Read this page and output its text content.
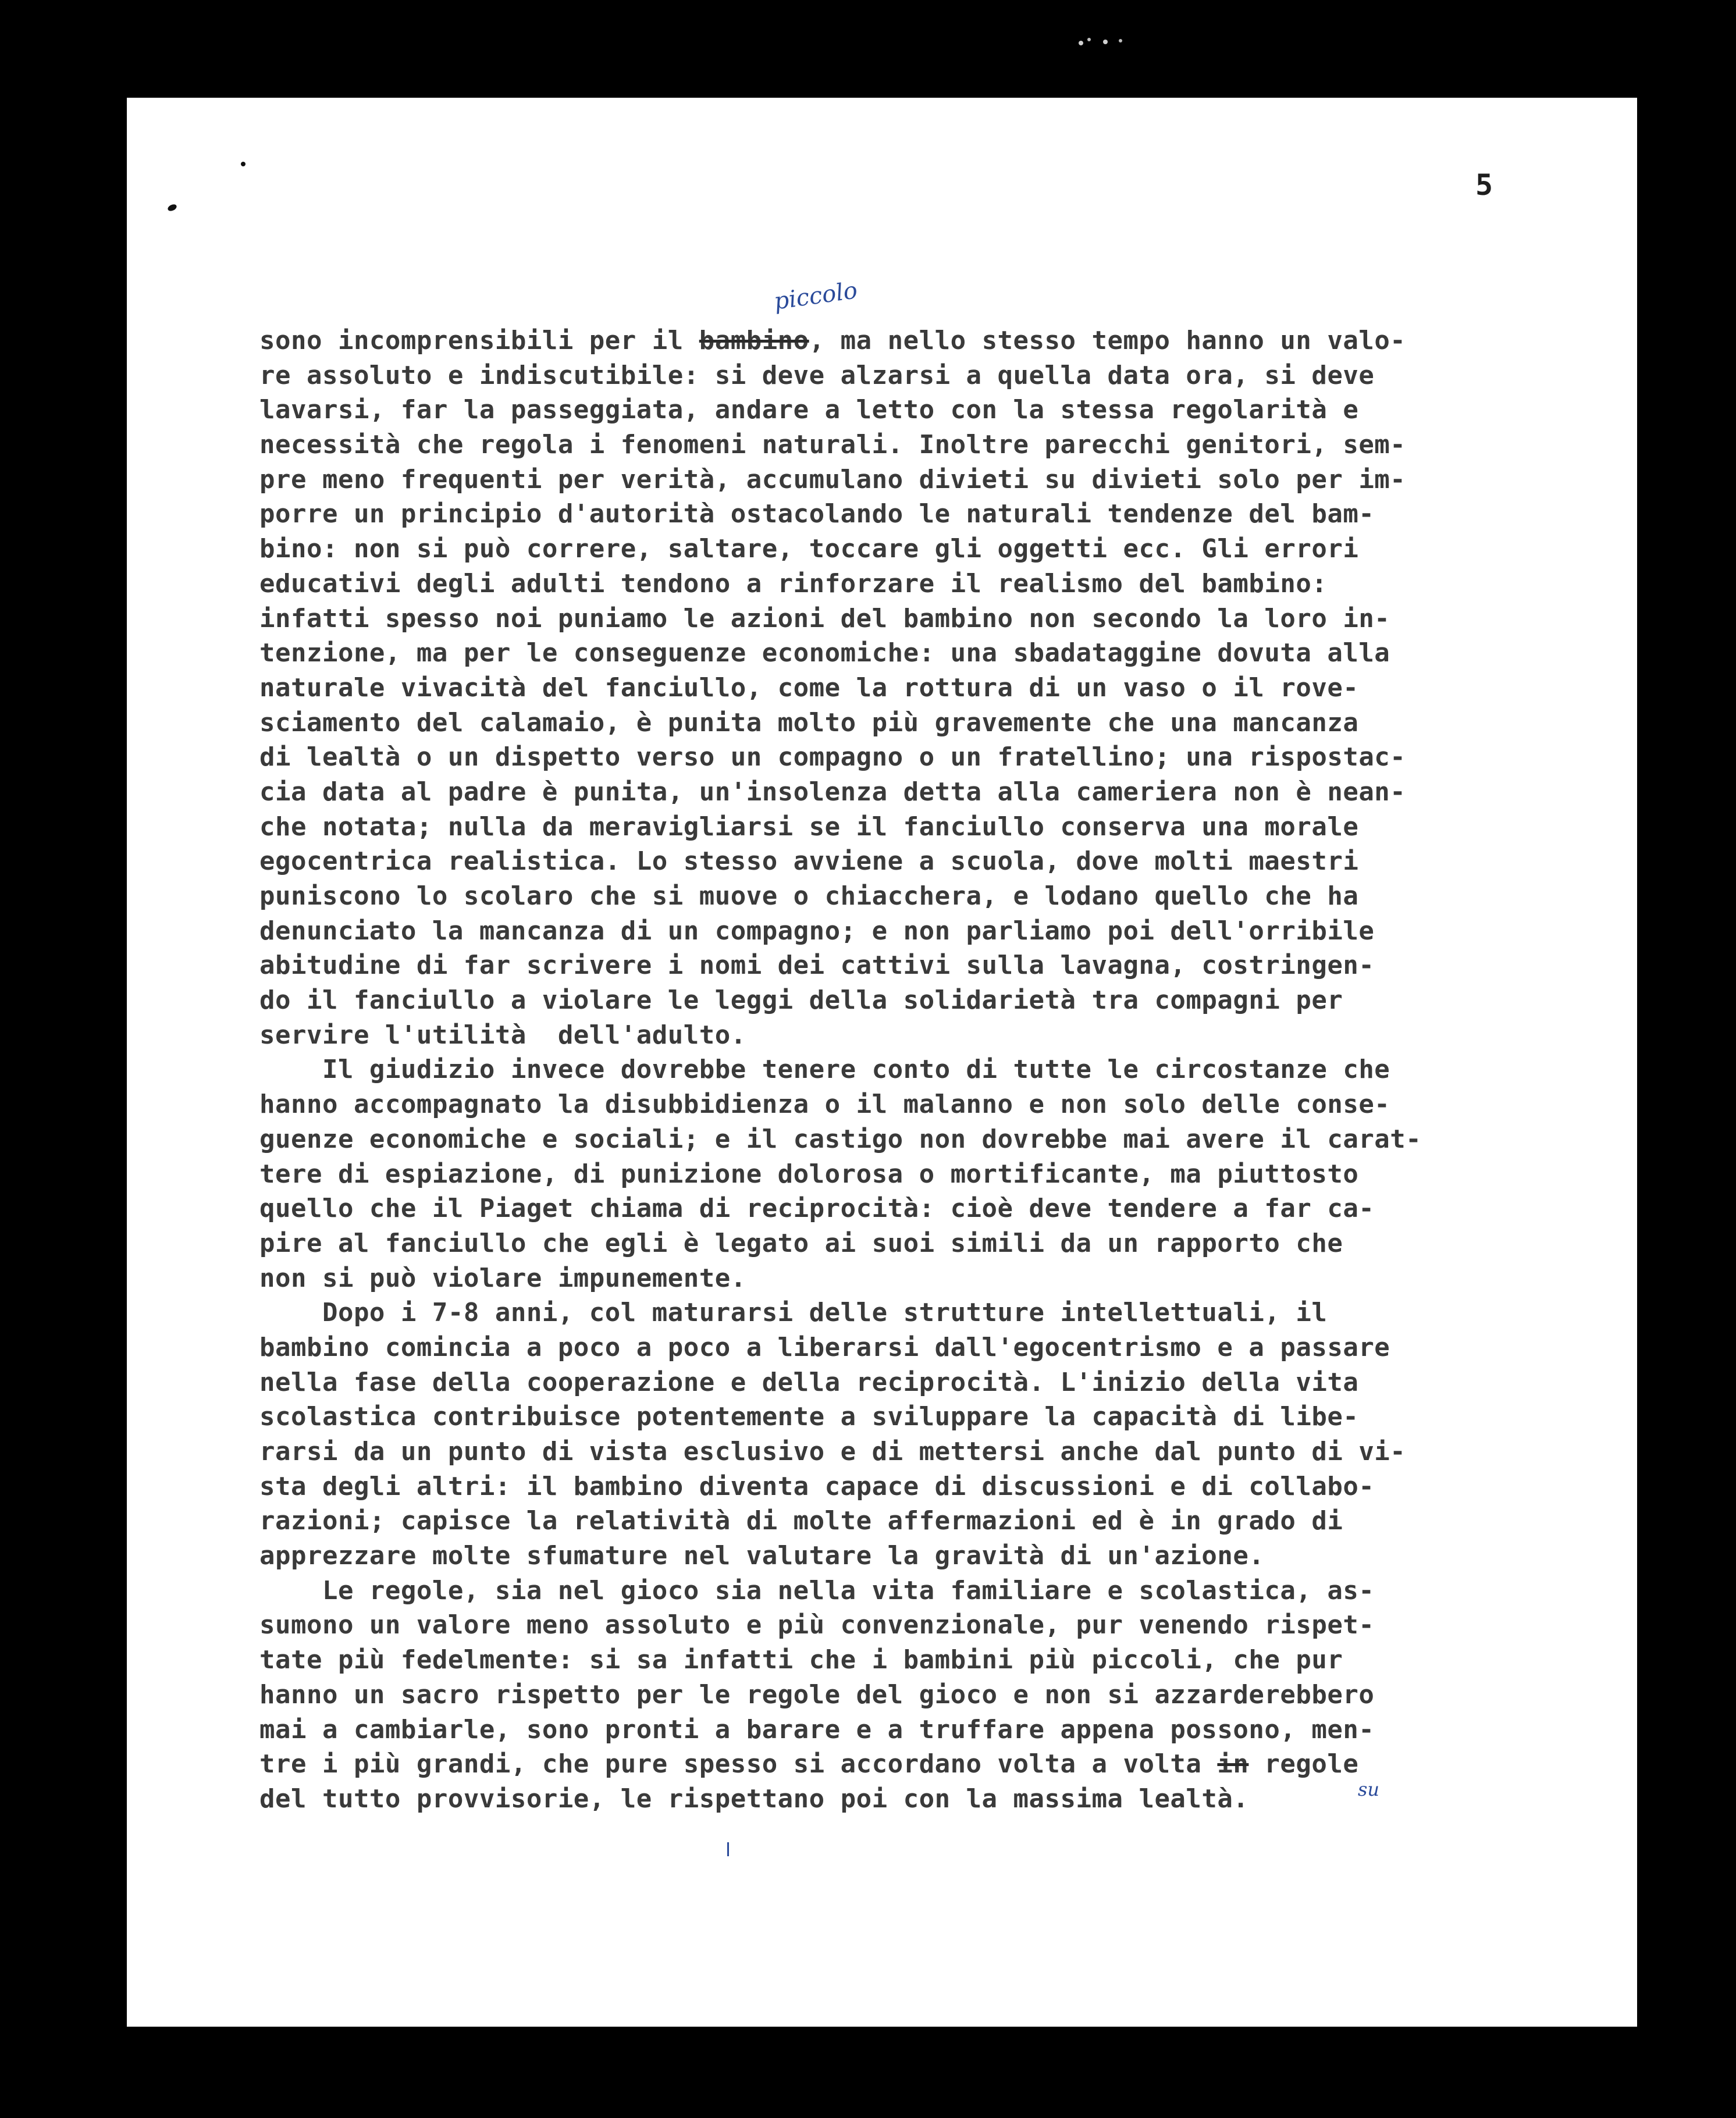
5
piccolo
su
sono incomprensibili per il bambino, ma nello stesso tempo hanno un valo-
re assoluto e indiscutibile: si deve alzarsi a quella data ora, si deve
lavarsi, far la passeggiata, andare a letto con la stessa regolarità e
necessità che regola i fenomeni naturali. Inoltre parecchi genitori, sem-
pre meno frequenti per verità, accumulano divieti su divieti solo per im-
porre un principio d'autorità ostacolando le naturali tendenze del bam-
bino: non si può correre, saltare, toccare gli oggetti ecc. Gli errori
educativi degli adulti tendono a rinforzare il realismo del bambino:
infatti spesso noi puniamo le azioni del bambino non secondo la loro in-
tenzione, ma per le conseguenze economiche: una sbadataggine dovuta alla
naturale vivacità del fanciullo, come la rottura di un vaso o il rove-
sciamento del calamaio, è punita molto più gravemente che una mancanza
di lealtà o un dispetto verso un compagno o un fratellino; una rispostac-
cia data al padre è punita, un'insolenza detta alla cameriera non è nean-
che notata; nulla da meravigliarsi se il fanciullo conserva una morale
egocentrica realistica. Lo stesso avviene a scuola, dove molti maestri
puniscono lo scolaro che si muove o chiacchera, e lodano quello che ha
denunciato la mancanza di un compagno; e non parliamo poi dell'orribile
abitudine di far scrivere i nomi dei cattivi sulla lavagna, costringen-
do il fanciullo a violare le leggi della solidarietà tra compagni per
servire l'utilità  dell'adulto.
Il giudizio invece dovrebbe tenere conto di tutte le circostanze che
hanno accompagnato la disubbidienza o il malanno e non solo delle conse-
guenze economiche e sociali; e il castigo non dovrebbe mai avere il carat-
tere di espiazione, di punizione dolorosa o mortificante, ma piuttosto
quello che il Piaget chiama di reciprocità: cioè deve tendere a far ca-
pire al fanciullo che egli è legato ai suoi simili da un rapporto che
non si può violare impunemente.
Dopo i 7-8 anni, col maturarsi delle strutture intellettuali, il
bambino comincia a poco a poco a liberarsi dall'egocentrismo e a passare
nella fase della cooperazione e della reciprocità. L'inizio della vita
scolastica contribuisce potentemente a sviluppare la capacità di libe-
rarsi da un punto di vista esclusivo e di mettersi anche dal punto di vi-
sta degli altri: il bambino diventa capace di discussioni e di collabo-
razioni; capisce la relatività di molte affermazioni ed è in grado di
apprezzare molte sfumature nel valutare la gravità di un'azione.
Le regole, sia nel gioco sia nella vita familiare e scolastica, as-
sumono un valore meno assoluto e più convenzionale, pur venendo rispet-
tate più fedelmente: si sa infatti che i bambini più piccoli, che pur
hanno un sacro rispetto per le regole del gioco e non si azzarderebbero
mai a cambiarle, sono pronti a barare e a truffare appena possono, men-
tre i più grandi, che pure spesso si accordano volta a volta in regole
del tutto provvisorie, le rispettano poi con la massima lealtà.
